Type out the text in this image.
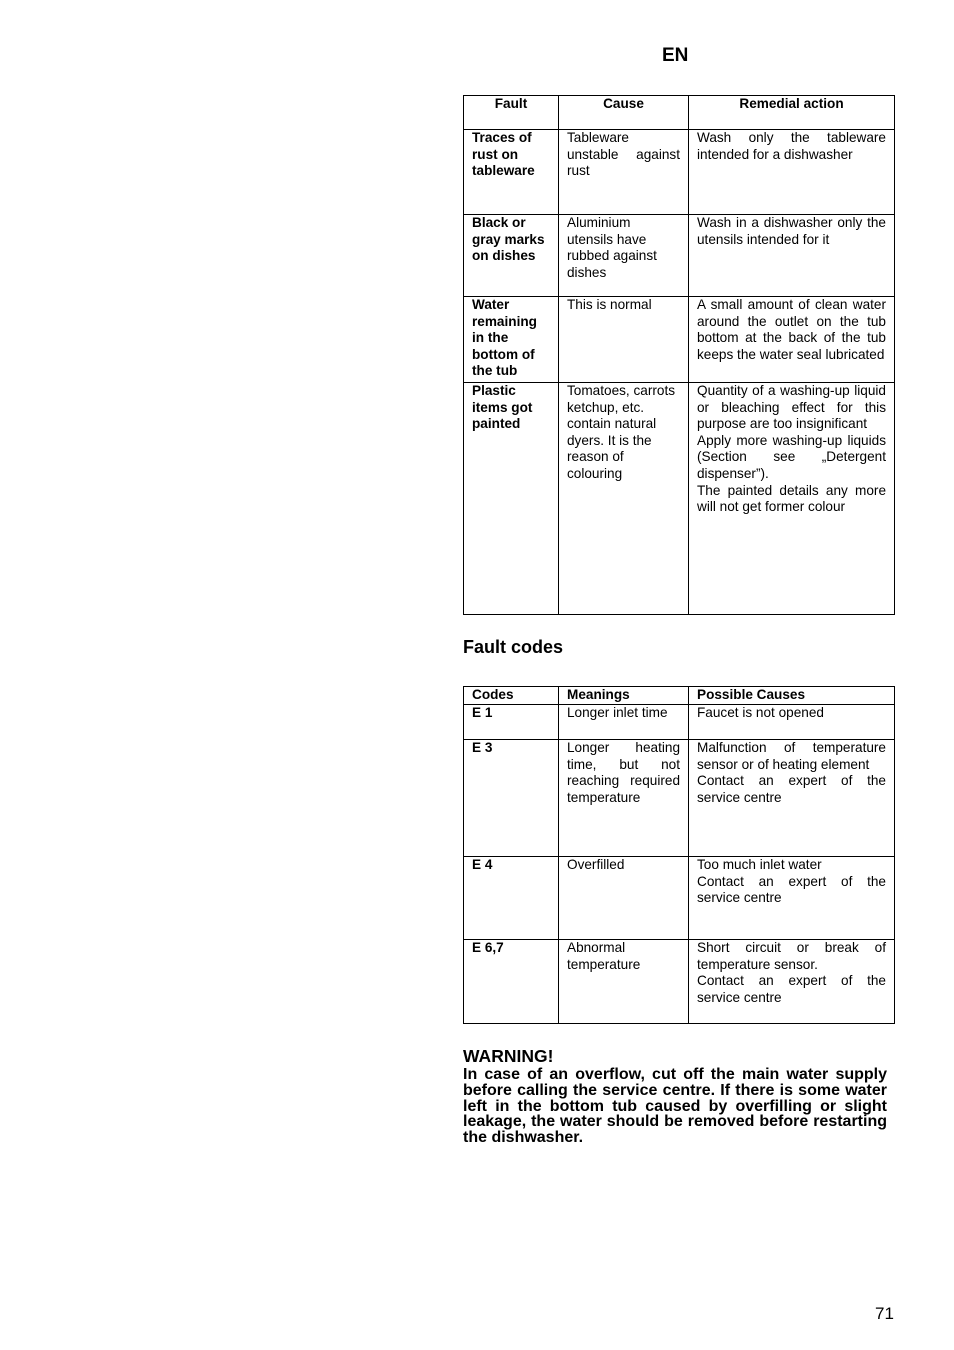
EN
Fault	Cause	Remedial action
Traces of rust on tableware	Tableware unstable against rust	Wash only the tableware intended for a dishwasher
Black or gray marks on dishes	Aluminium utensils have rubbed against dishes	Wash in a dishwasher only the utensils intended for it
Water remaining in the bottom of the tub	This is normal	A small amount of clean water around the outlet on the tub bottom at the back of the tub keeps the water seal lubricated
Plastic items got painted	Tomatoes, carrots ketchup, etc. contain natural dyers. It is the reason of colouring	Quantity of a washing-up liquid or bleaching effect for this purpose are too insignificant
Apply more washing-up liquids (Section see „Detergent dispenser”).
The painted details any more will not get former colour
Fault codes
Codes	Meanings	Possible Causes
E 1	Longer inlet time	Faucet is not opened

E 3	Longer heating time, but not reaching required temperature	Malfunction of temperature sensor or of heating element
Contact an expert of the service centre

E 4	Overfilled	Too much inlet water
Contact an expert of the service centre

E 6,7	Abnormal temperature	Short circuit or break of temperature sensor.
Contact an expert of the service centre
WARNING!
In case of an overflow, cut off the main water supply before calling the service centre. If there is some water left in the bottom tub caused by overfilling or slight leakage, the water should be removed before restarting the dishwasher.
71
